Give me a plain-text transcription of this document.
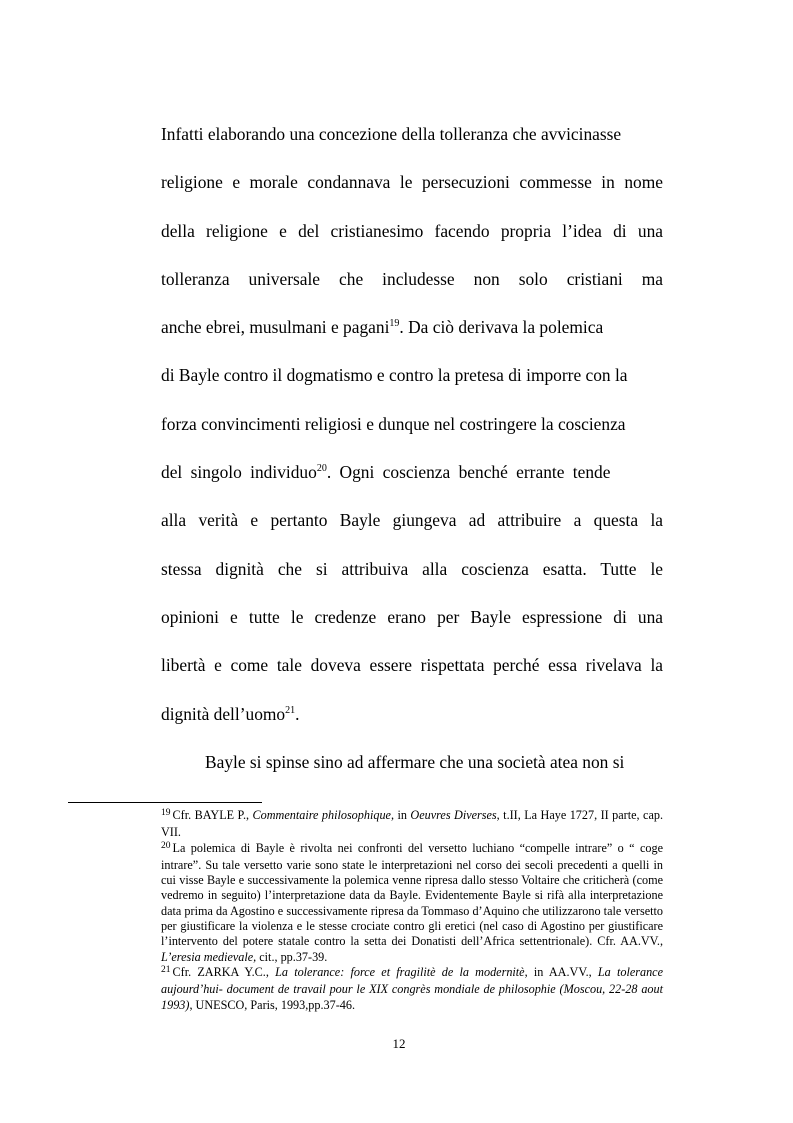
Infatti elaborando una concezione della tolleranza che avvicinasse
religione e morale condannava le persecuzioni commesse in nome
della religione e del cristianesimo facendo propria l’idea di una
tolleranza universale che includesse non solo cristiani ma
anche ebrei, musulmani e pagani$^{19}$. Da ciò derivava la polemica
di Bayle contro il dogmatismo e contro la pretesa di imporre con la
forza convincimenti religiosi e dunque nel costringere la coscienza
del singolo individuo$^{20}$. Ogni coscienza benché errante tende
alla verità e pertanto Bayle giungeva ad attribuire a questa la
stessa dignità che si attribuiva alla coscienza esatta. Tutte le
opinioni e tutte le credenze erano per Bayle espressione di una
libertà e come tale doveva essere rispettata perché essa rivelava la
dignità dell’uomo$^{21}$.
Bayle si spinse sino ad affermare che una società atea non si

$^{19}$ Cfr. BAYLE P., Commentaire philosophique, in Oeuvres Diverses, t.II, La Haye 1727, II parte, cap. VII.

$^{20}$ La polemica di Bayle è rivolta nei confronti del versetto luchiano “compelle intrare” o “ coge intrare”. Su tale versetto varie sono state le interpretazioni nel corso dei secoli precedenti a quelli in cui visse Bayle e successivamente la polemica venne ripresa dallo stesso Voltaire che criticherà (come vedremo in seguito) l’interpretazione data da Bayle. Evidentemente Bayle si rifà alla interpretazione data prima da Agostino e successivamente ripresa da Tommaso d’Aquino che utilizzarono tale versetto per giustificare la violenza e le stesse crociate contro gli eretici (nel caso di Agostino per giustificare l’intervento del potere statale contro la setta dei Donatisti dell’Africa settentrionale). Cfr. AA.VV., L’eresia medievale, cit., pp.37-39.

$^{21}$ Cfr. ZARKA Y.C., La tolerance: force et fragilitè de la modernitè, in AA.VV., La tolerance aujourd’hui- document de travail pour le XIX congrès mondiale de philosophie (Moscou, 22-28 aout 1993), UNESCO, Paris, 1993,pp.37-46.

12
